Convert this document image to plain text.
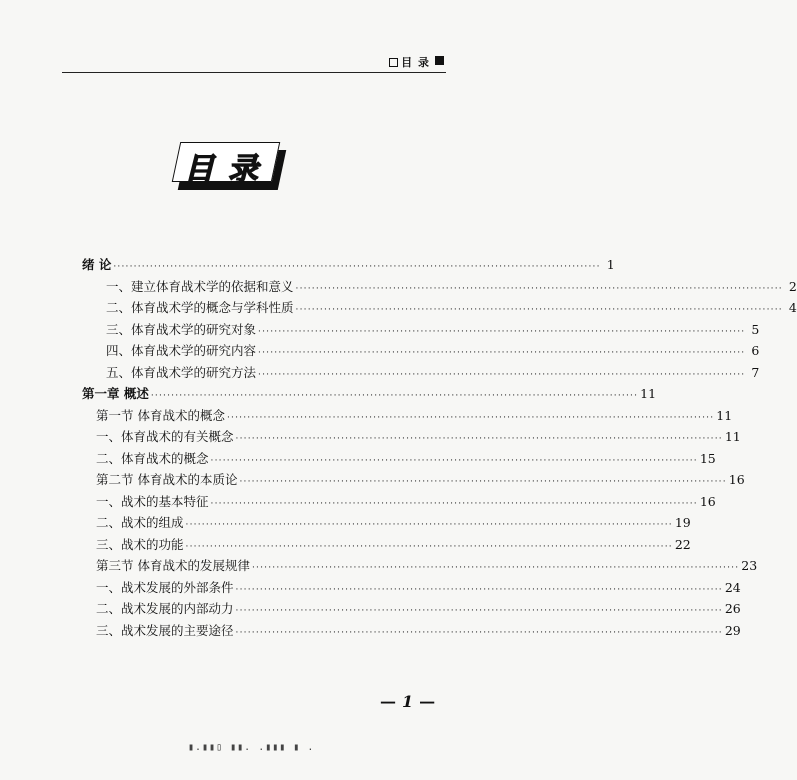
目 录
目录
绪 论 ························································································································ 1
一、建立体育战术学的依据和意义 ························································································································ 2
二、体育战术学的概念与学科性质 ························································································································ 4
三、体育战术学的研究对象 ························································································································ 5
四、体育战术学的研究内容 ························································································································ 6
五、体育战术学的研究方法 ························································································································ 7
第一章 概述 ························································································································ 11
第一节 体育战术的概念 ························································································································ 11
一、体育战术的有关概念 ························································································································ 11
二、体育战术的概念 ························································································································ 15
第二节 体育战术的本质论 ························································································································ 16
一、战术的基本特征 ························································································································ 16
二、战术的组成 ························································································································ 19
三、战术的功能 ························································································································ 22
第三节 体育战术的发展规律 ························································································································ 23
一、战术发展的外部条件 ························································································································ 24
二、战术发展的内部动力 ························································································································ 26
三、战术发展的主要途径 ························································································································ 29
— 1 —
▮.▮▮▯ ▮▮. .▮▮▮ ▮ .
